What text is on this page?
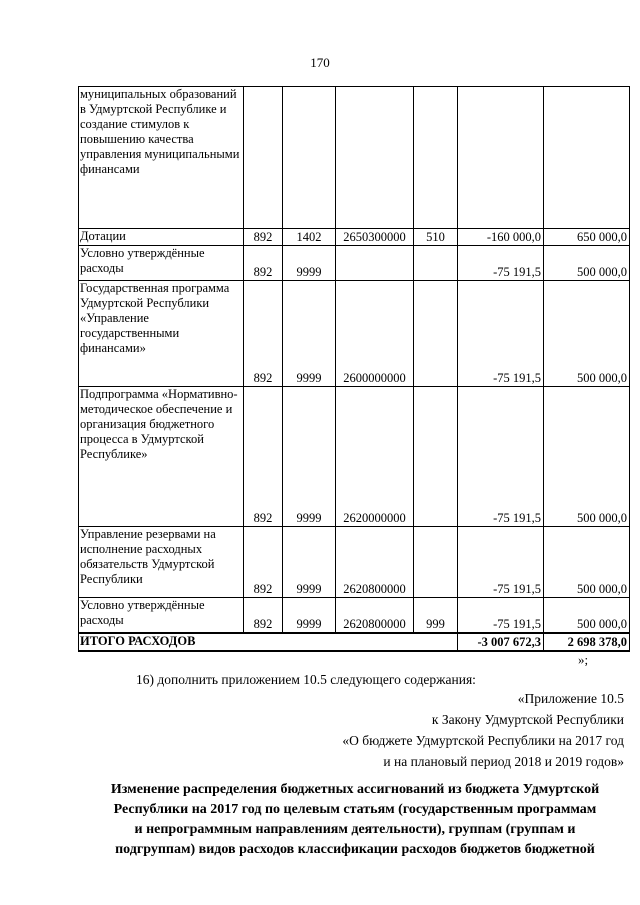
170
муниципальных образований в Удмуртской Республике и создание стимулов к повышению качества управления муниципальными финансами						
Дотации	892	1402	2650300000	510	-160 000,0	650 000,0
Условно утверждённые расходы	892	9999			-75 191,5	500 000,0
Государственная программа Удмуртской Республики «Управление государственными финансами»	892	9999	2600000000		-75 191,5	500 000,0
Подпрограмма «Нормативно-методическое обеспечение и организация бюджетного процесса в Удмуртской Республике»	892	9999	2620000000		-75 191,5	500 000,0
Управление резервами на исполнение расходных обязательств Удмуртской Республики	892	9999	2620800000		-75 191,5	500 000,0
Условно утверждённые расходы	892	9999	2620800000	999	-75 191,5	500 000,0
ИТОГО РАСХОДОВ					-3 007 672,3	2 698 378,0
»;
16) дополнить приложением 10.5 следующего содержания:
«Приложение 10.5
к Закону Удмуртской Республики
«О бюджете Удмуртской Республики на 2017 год
и на плановый период 2018 и 2019 годов»
Изменение распределения бюджетных ассигнований из бюджета Удмуртской
Республики на 2017 год по целевым статьям (государственным программам
и непрограммным направлениям деятельности), группам (группам и
подгруппам) видов расходов классификации расходов бюджетов бюджетной
